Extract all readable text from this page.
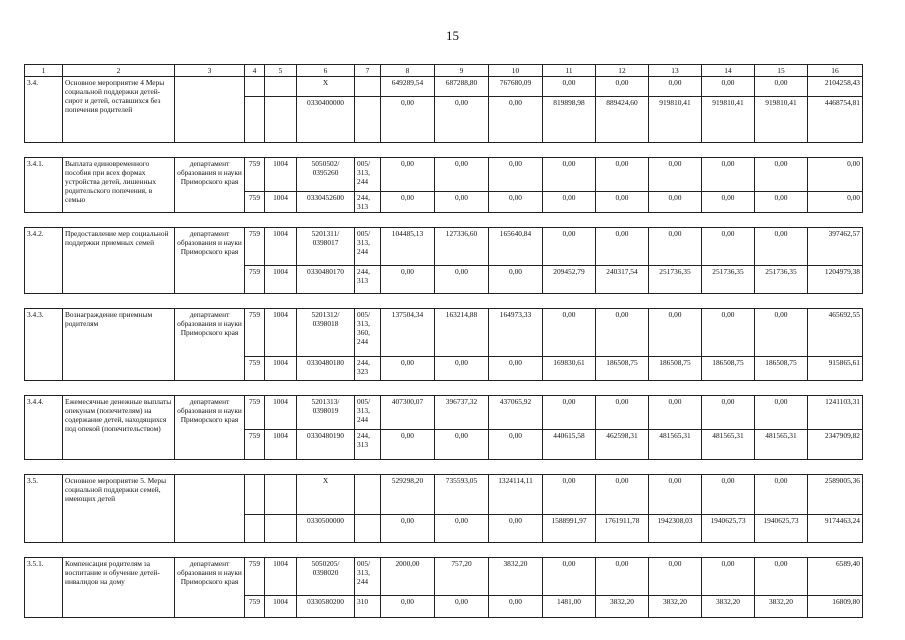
15
1	2	3	4	5	6	7	8	9	10	11	12	13	14	15	16
3.4.	Основное мероприятие 4 Меры социальной поддержки детей-сирот и детей, оставшихся без попечения родителей				X		649289,54	687288,80	767680,09	0,00	0,00	0,00	0,00	0,00	2104258,43
					0330400000		0,00	0,00	0,00	819898,98	889424,60	919810,41	919810,41	919810,41	4468754,81

3.4.1.	Выплата единовременного пособия при всех формах устройства детей, лишенных родительского попечения, в семью	департамент образования и науки Приморского края	759	1004	5050502/ 0395260	005/ 313, 244	0,00	0,00	0,00	0,00	0,00	0,00	0,00	0,00	0,00
			759	1004	0330452600	244, 313	0,00	0,00	0,00	0,00	0,00	0,00	0,00	0,00	0,00

3.4.2.	Предоставление мер социальной поддержки приемных семей	департамент образования и науки Приморского края	759	1004	5201311/ 0398017	005/ 313, 244	104485,13	127336,60	165640,84	0,00	0,00	0,00	0,00	0,00	397462,57
			759	1004	0330480170	244, 313	0,00	0,00	0,00	209452,79	240317,54	251736,35	251736,35	251736,35	1204979,38

3.4.3.	Вознаграждение приемным родителям	департамент образования и науки Приморского края	759	1004	5201312/ 0398018	005/ 313, 360, 244	137504,34	163214,88	164973,33	0,00	0,00	0,00	0,00	0,00	465692,55
			759	1004	0330480180	244, 323	0,00	0,00	0,00	169830,61	186508,75	186508,75	186508,75	186508,75	915865,61

3.4.4.	Ежемесячные денежные выплаты опекунам (попечителям) на содержание детей, находящихся под опекой (попечительством)	департамент образования и науки Приморского края	759	1004	5201313/ 0398019	005/ 313, 244	407300,07	396737,32	437065,92	0,00	0,00	0,00	0,00	0,00	1241103,31
			759	1004	0330480190	244, 313	0,00	0,00	0,00	440615,58	462598,31	481565,31	481565,31	481565,31	2347909,82

3.5.	Основное мероприятие 5. Меры социальной поддержки семей, имеющих детей				X		529298,20	735593,05	1324114,11	0,00	0,00	0,00	0,00	0,00	2589005,36
					0330500000		0,00	0,00	0,00	1588991,97	1761911,78	1942308,03	1940625,73	1940625,73	9174463,24

3.5.1.	Компенсация родителям за воспитание и обучение детей-инвалидов на дому	департамент образования и науки Приморского края	759	1004	5050205/ 0398020	005/ 313, 244	2000,00	757,20	3832,20	0,00	0,00	0,00	0,00	0,00	6589,40
			759	1004	0330580200	310	0,00	0,00	0,00	1481,00	3832,20	3832,20	3832,20	3832,20	16809,80
